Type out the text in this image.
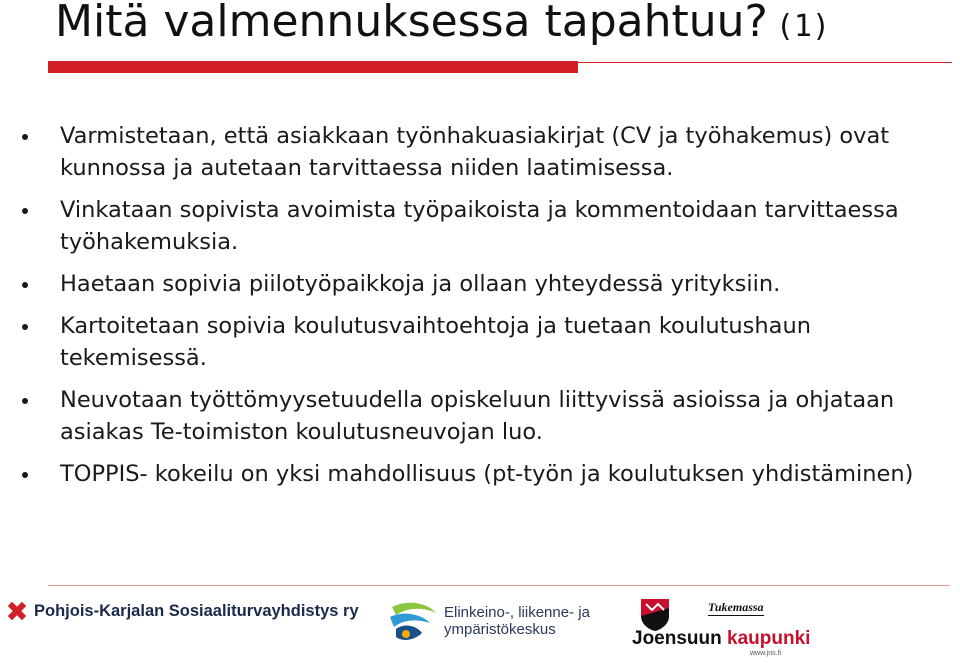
Mitä valmennuksessa tapahtuu? (1)
Varmistetaan, että asiakkaan työnhakuasiakirjat (CV ja työhakemus) ovat kunnossa ja autetaan tarvittaessa niiden laatimisessa.
Vinkataan sopivista avoimista työpaikoista ja kommentoidaan tarvittaessa työhakemuksia.
Haetaan sopivia piilotyöpaikkoja ja ollaan yhteydessä yrityksiin.
Kartoitetaan sopivia koulutusvaihtoehtoja ja tuetaan koulutushaun tekemisessä.
Neuvotaan työttömyysetuudella opiskeluun liittyvissä asioissa ja ohjataan asiakas Te-toimiston koulutusneuvojan luo.
TOPPIS- kokeilu on yksi mahdollisuus (pt-työn ja koulutuksen yhdistäminen)
Pohjois-Karjalan Sosiaaliturvayhdistys ry	Elinkeino-, liikenne- ja
ympäristökeskus
Tukemassa
Joensuun kaupunki
www.jns.fi
